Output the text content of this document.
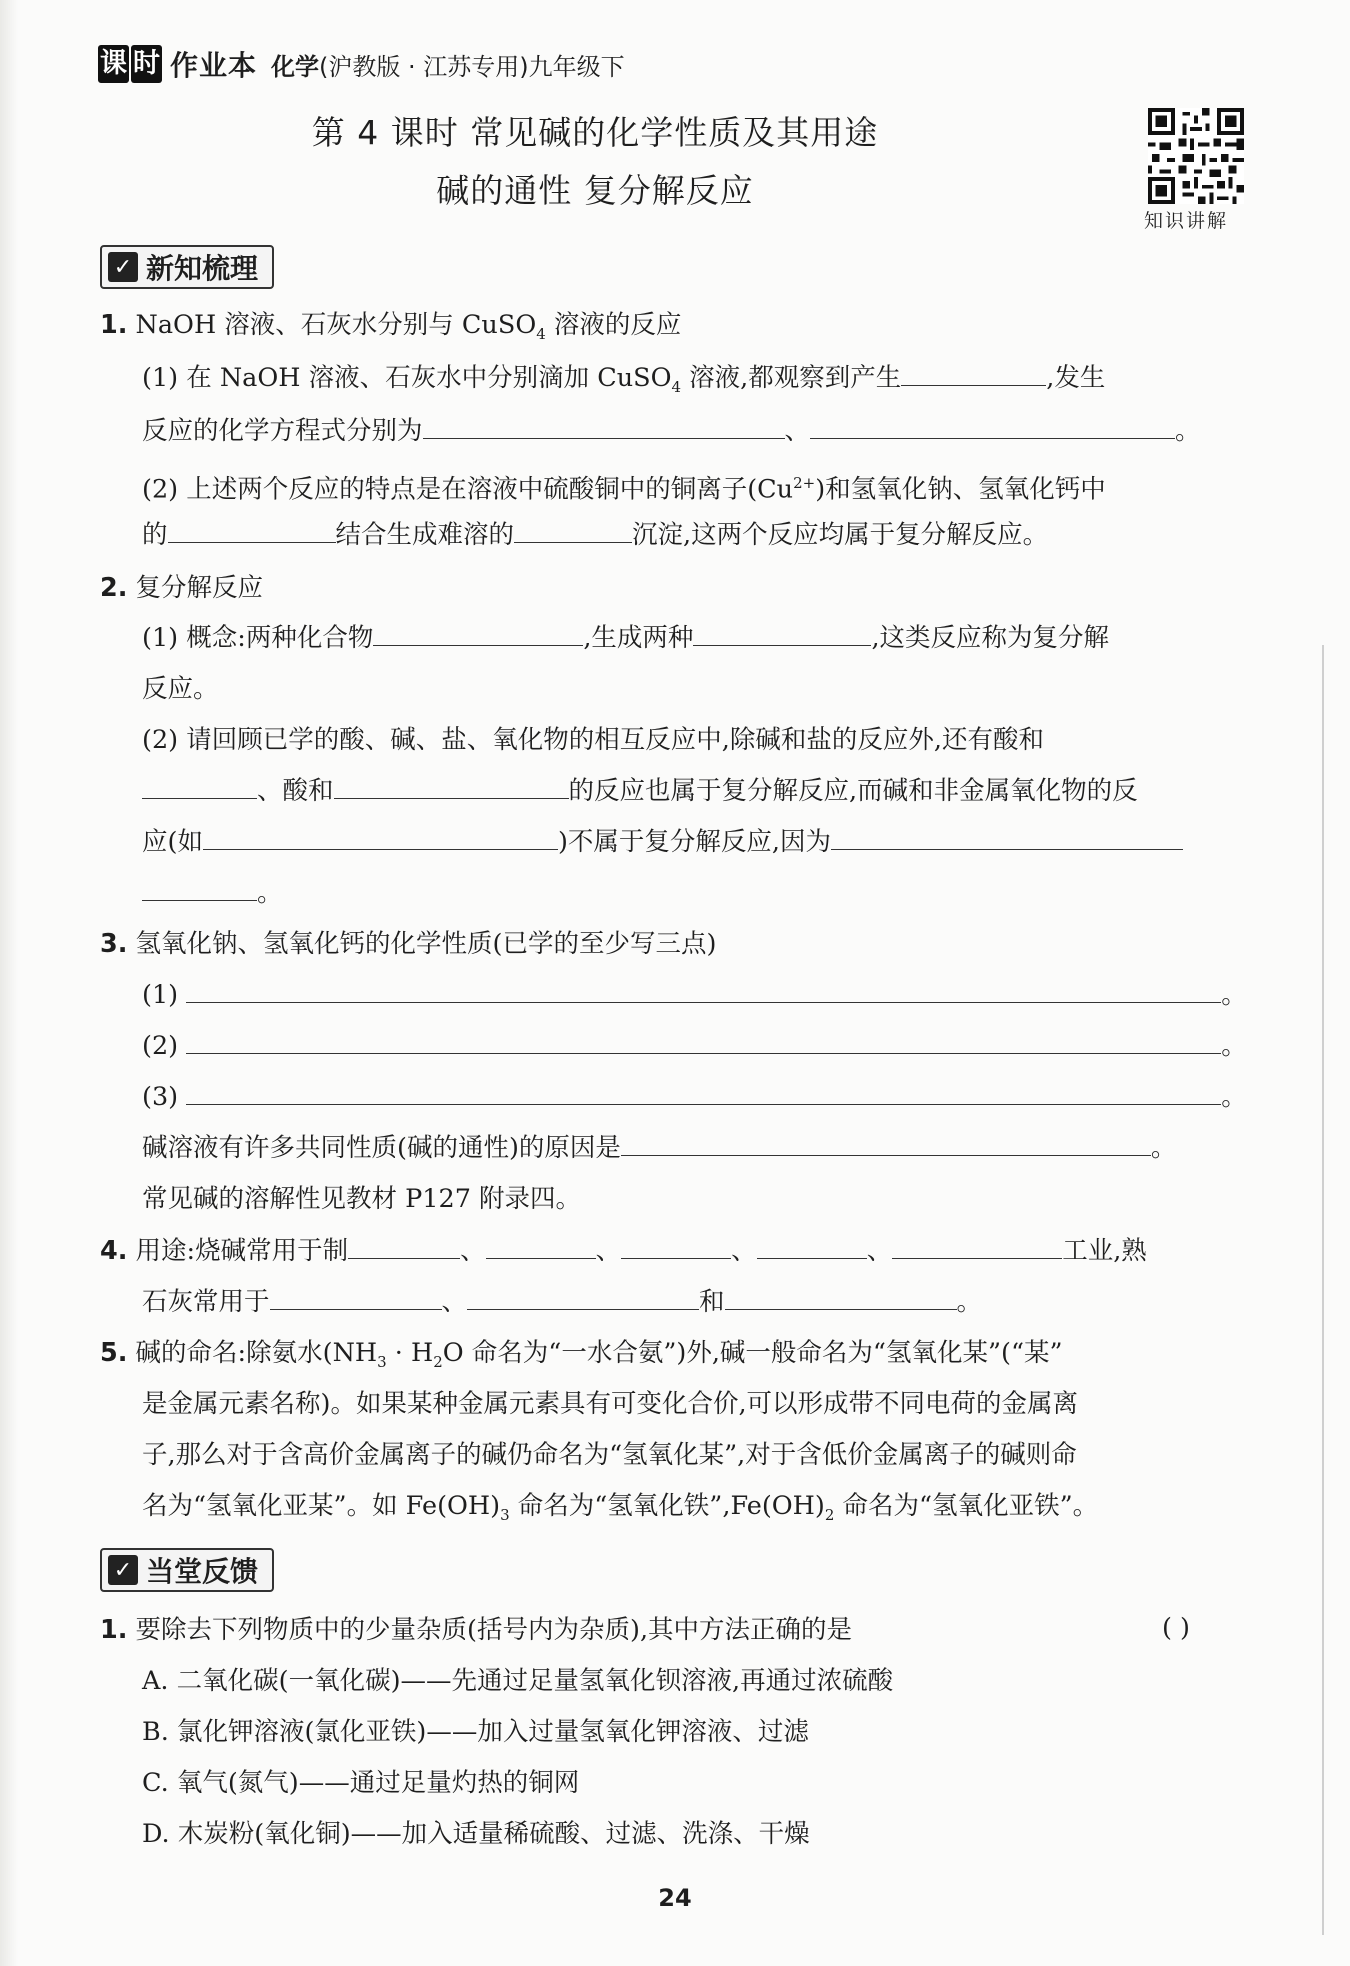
课 时 作业本 化学(沪教版 · 江苏专用)九年级下
第 4 课时 常见碱的化学性质及其用途
碱的通性 复分解反应
知识讲解
✓ 新知梳理
1. NaOH 溶液、石灰水分别与 CuSO$_4$ 溶液的反应
(1) 在 NaOH 溶液、石灰水中分别滴加 CuSO$_4$ 溶液,都观察到产生	,发生
反应的化学方程式分别为	、	。
(2) 上述两个反应的特点是在溶液中硫酸铜中的铜离子$(Cu^{2+})$和氢氧化钠、氢氧化钙中
的	结合生成难溶的	沉淀,这两个反应均属于复分解反应。
2. 复分解反应
(1) 概念:两种化合物	,生成两种	,这类反应称为复分解
反应。
(2) 请回顾已学的酸、碱、盐、氧化物的相互反应中,除碱和盐的反应外,还有酸和
、酸和	的反应也属于复分解反应,而碱和非金属氧化物的反
应(如	)不属于复分解反应,因为
。
3. 氢氧化钠、氢氧化钙的化学性质(已学的至少写三点)
(1)	。
(2)	。
(3)	。
碱溶液有许多共同性质(碱的通性)的原因是	。
常见碱的溶解性见教材 P127 附录四。
4. 用途:烧碱常用于制	、	、	、	、	工业,熟
石灰常用于	、	和	。
5. 碱的命名:除氨水($NH_3 \cdot H_2O$ 命名为“一水合氨”)外,碱一般命名为“氢氧化某”(“某”
是金属元素名称)。如果某种金属元素具有可变化合价,可以形成带不同电荷的金属离
子,那么对于含高价金属离子的碱仍命名为“氢氧化某”,对于含低价金属离子的碱则命
名为“氢氧化亚某”。如 $Fe(OH)_3$ 命名为“氢氧化铁$”,Fe(OH)_2$ 命名为“氢氧化亚铁”。
✓ 当堂反馈
1. 要除去下列物质中的少量杂质(括号内为杂质),其中方法正确的是	( )
A. 二氧化碳(一氧化碳)——先通过足量氢氧化钡溶液,再通过浓硫酸
B. 氯化钾溶液(氯化亚铁)——加入过量氢氧化钾溶液、过滤
C. 氧气(氮气)——通过足量灼热的铜网
D. 木炭粉(氧化铜)——加入适量稀硫酸、过滤、洗涤、干燥
24
